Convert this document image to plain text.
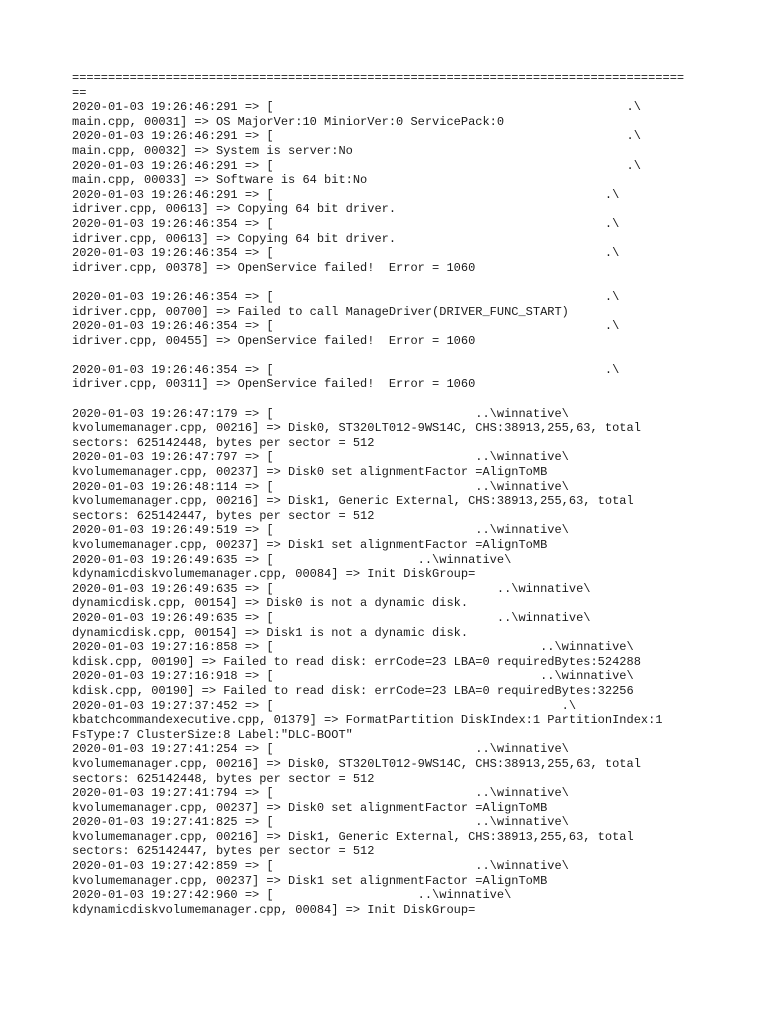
=====================================================================================
==
2020-01-03 19:26:46:291 => [                                                 .\
main.cpp, 00031] => OS MajorVer:10 MiniorVer:0 ServicePack:0
2020-01-03 19:26:46:291 => [                                                 .\
main.cpp, 00032] => System is server:No
2020-01-03 19:26:46:291 => [                                                 .\
main.cpp, 00033] => Software is 64 bit:No
2020-01-03 19:26:46:291 => [                                              .\
idriver.cpp, 00613] => Copying 64 bit driver.
2020-01-03 19:26:46:354 => [                                              .\
idriver.cpp, 00613] => Copying 64 bit driver.
2020-01-03 19:26:46:354 => [                                              .\
idriver.cpp, 00378] => OpenService failed!  Error = 1060
2020-01-03 19:26:46:354 => [                                              .\
idriver.cpp, 00700] => Failed to call ManageDriver(DRIVER_FUNC_START)
2020-01-03 19:26:46:354 => [                                              .\
idriver.cpp, 00455] => OpenService failed!  Error = 1060
2020-01-03 19:26:46:354 => [                                              .\
idriver.cpp, 00311] => OpenService failed!  Error = 1060
2020-01-03 19:26:47:179 => [                            ..\winnative\
kvolumemanager.cpp, 00216] => Disk0, ST320LT012-9WS14C, CHS:38913,255,63, total
sectors: 625142448, bytes per sector = 512
2020-01-03 19:26:47:797 => [                            ..\winnative\
kvolumemanager.cpp, 00237] => Disk0 set alignmentFactor =AlignToMB
2020-01-03 19:26:48:114 => [                            ..\winnative\
kvolumemanager.cpp, 00216] => Disk1, Generic External, CHS:38913,255,63, total
sectors: 625142447, bytes per sector = 512
2020-01-03 19:26:49:519 => [                            ..\winnative\
kvolumemanager.cpp, 00237] => Disk1 set alignmentFactor =AlignToMB
2020-01-03 19:26:49:635 => [                    ..\winnative\
kdynamicdiskvolumemanager.cpp, 00084] => Init DiskGroup=
2020-01-03 19:26:49:635 => [                               ..\winnative\
dynamicdisk.cpp, 00154] => Disk0 is not a dynamic disk.
2020-01-03 19:26:49:635 => [                               ..\winnative\
dynamicdisk.cpp, 00154] => Disk1 is not a dynamic disk.
2020-01-03 19:27:16:858 => [                                     ..\winnative\
kdisk.cpp, 00190] => Failed to read disk: errCode=23 LBA=0 requiredBytes:524288
2020-01-03 19:27:16:918 => [                                     ..\winnative\
kdisk.cpp, 00190] => Failed to read disk: errCode=23 LBA=0 requiredBytes:32256
2020-01-03 19:27:37:452 => [                                        .\
kbatchcommandexecutive.cpp, 01379] => FormatPartition DiskIndex:1 PartitionIndex:1
FsType:7 ClusterSize:8 Label:"DLC-BOOT"
2020-01-03 19:27:41:254 => [                            ..\winnative\
kvolumemanager.cpp, 00216] => Disk0, ST320LT012-9WS14C, CHS:38913,255,63, total
sectors: 625142448, bytes per sector = 512
2020-01-03 19:27:41:794 => [                            ..\winnative\
kvolumemanager.cpp, 00237] => Disk0 set alignmentFactor =AlignToMB
2020-01-03 19:27:41:825 => [                            ..\winnative\
kvolumemanager.cpp, 00216] => Disk1, Generic External, CHS:38913,255,63, total
sectors: 625142447, bytes per sector = 512
2020-01-03 19:27:42:859 => [                            ..\winnative\
kvolumemanager.cpp, 00237] => Disk1 set alignmentFactor =AlignToMB
2020-01-03 19:27:42:960 => [                    ..\winnative\
kdynamicdiskvolumemanager.cpp, 00084] => Init DiskGroup=
